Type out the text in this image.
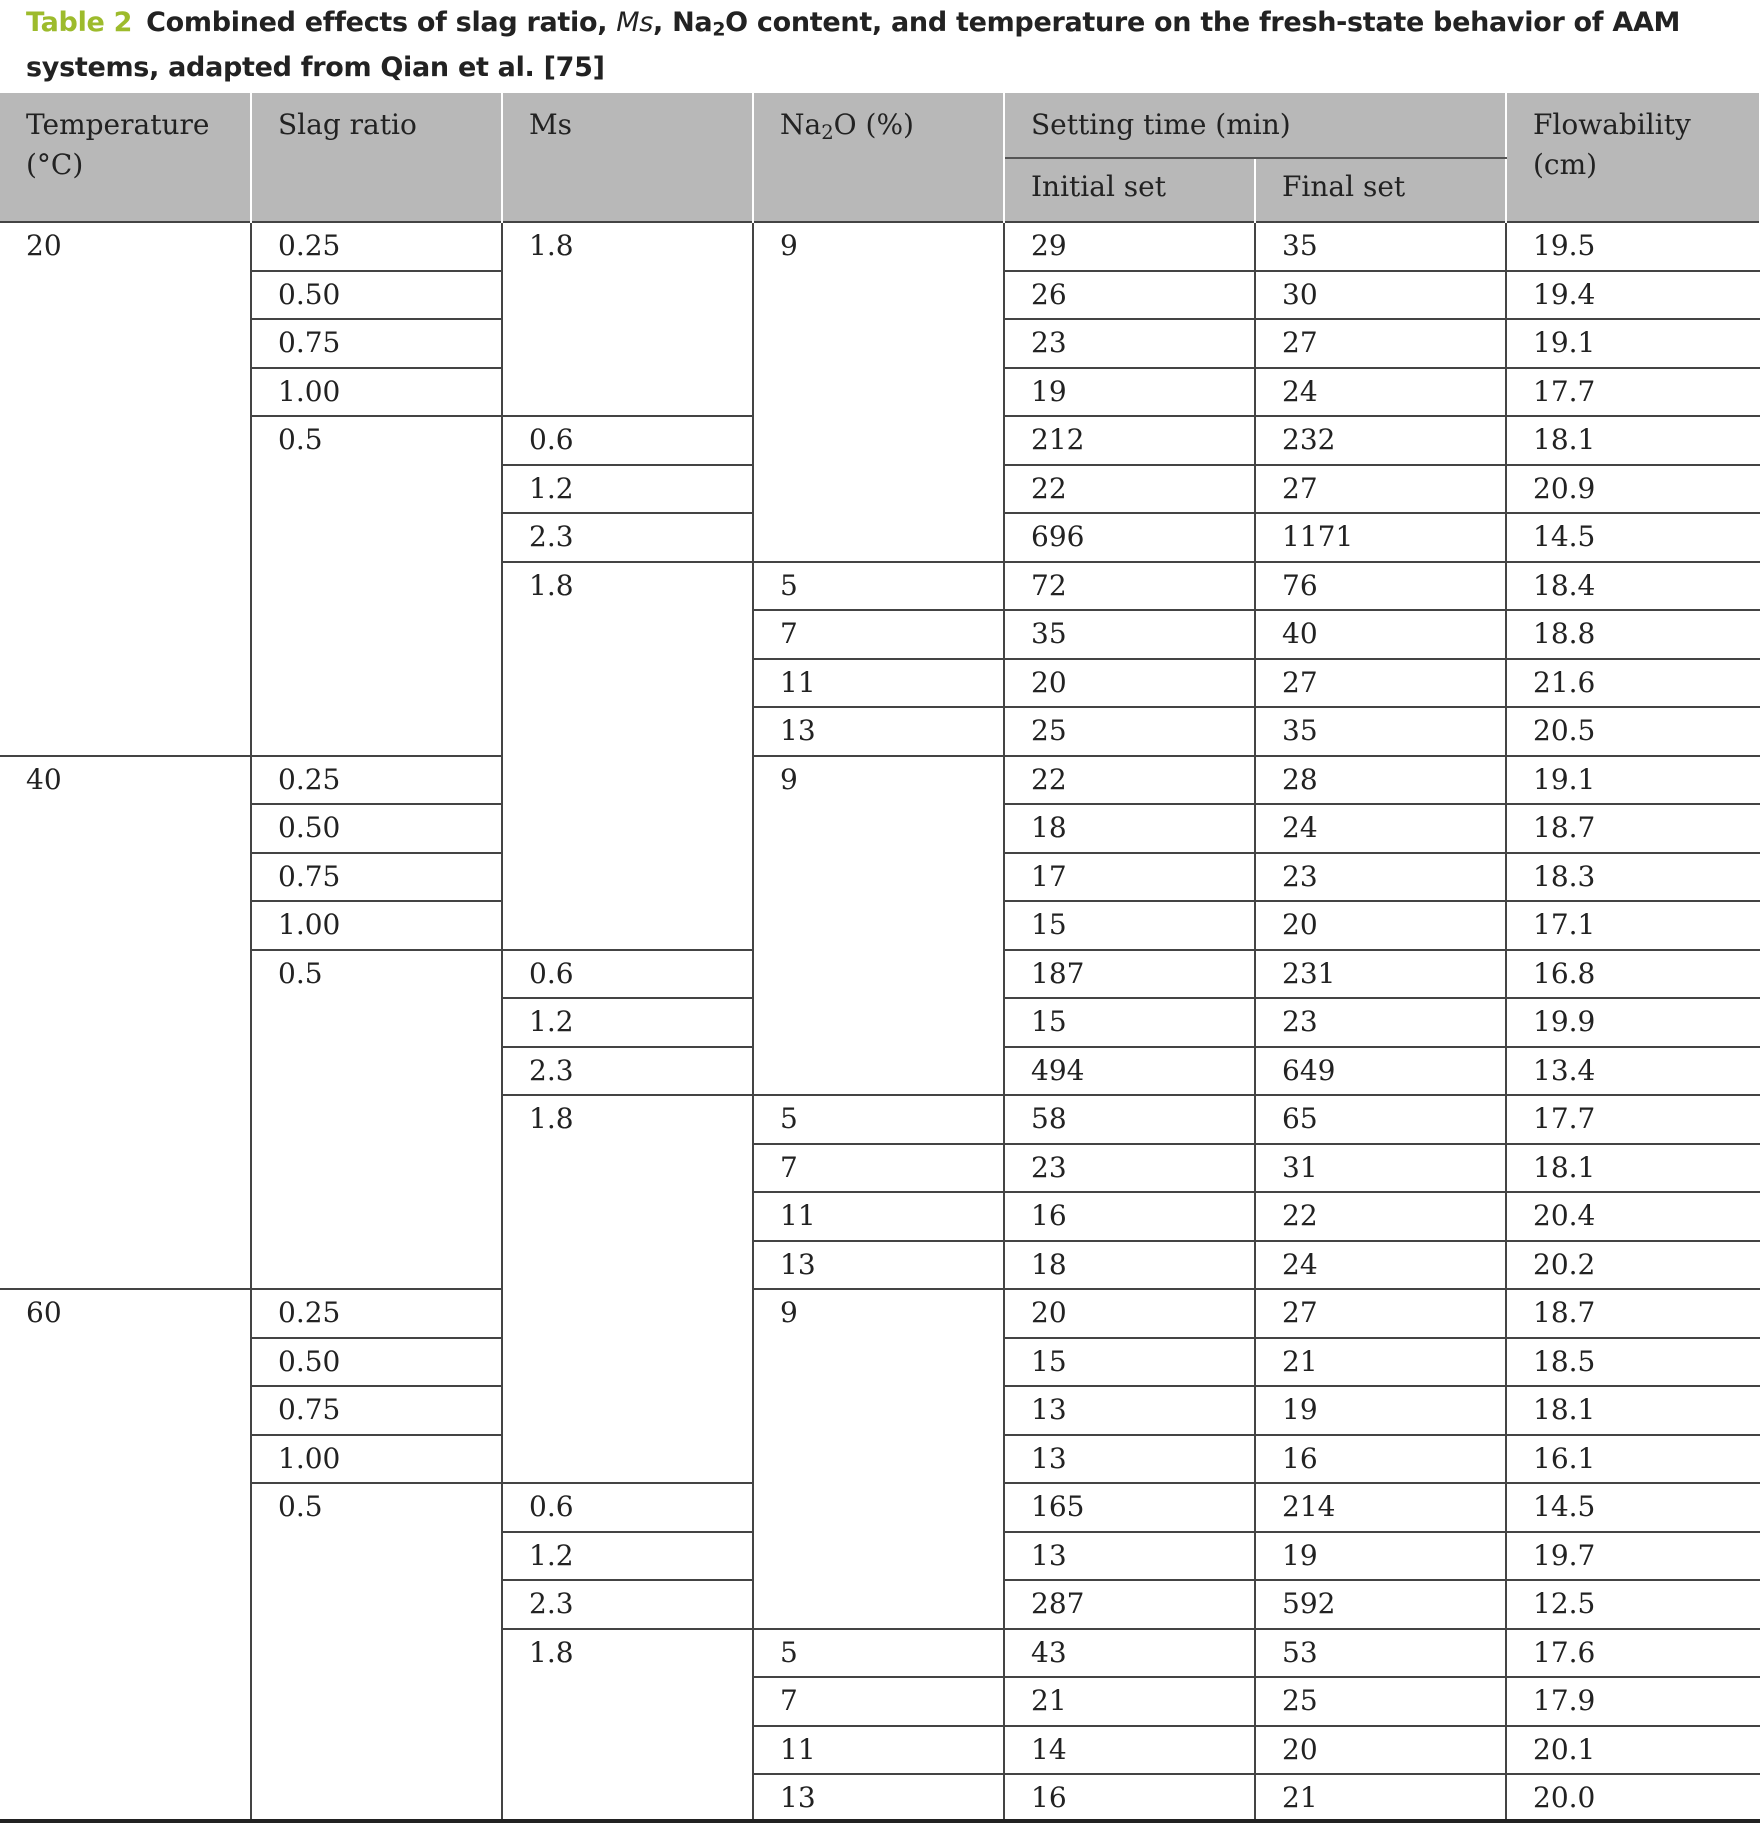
Table 2 Combined effects of slag ratio, Ms, $Na_2O$ content, and temperature on the fresh-state behavior of AAM systems, adapted from Qian et al. [75]
Temperature (°C)	Slag ratio	Ms	$Na_2O$ (%)	Setting time (min)		Flowability (cm)
				Initial set	Final set	
20	0.25	1.8	9	29	35	19.5
	0.50			26	30	19.4
	0.75			23	27	19.1
	1.00			19	24	17.7
	0.5	0.6		212	232	18.1
		1.2		22	27	20.9
		2.3		696	1171	14.5
		1.8	5	72	76	18.4
			7	35	40	18.8
			11	20	27	21.6
			13	25	35	20.5
40	0.25		9	22	28	19.1
	0.50			18	24	18.7
	0.75			17	23	18.3
	1.00			15	20	17.1
	0.5	0.6		187	231	16.8
		1.2		15	23	19.9
		2.3		494	649	13.4
		1.8	5	58	65	17.7
			7	23	31	18.1
			11	16	22	20.4
			13	18	24	20.2
60	0.25		9	20	27	18.7
	0.50			15	21	18.5
	0.75			13	19	18.1
	1.00			13	16	16.1
	0.5	0.6		165	214	14.5
		1.2		13	19	19.7
		2.3		287	592	12.5
		1.8	5	43	53	17.6
			7	21	25	17.9
			11	14	20	20.1
			13	16	21	20.0
